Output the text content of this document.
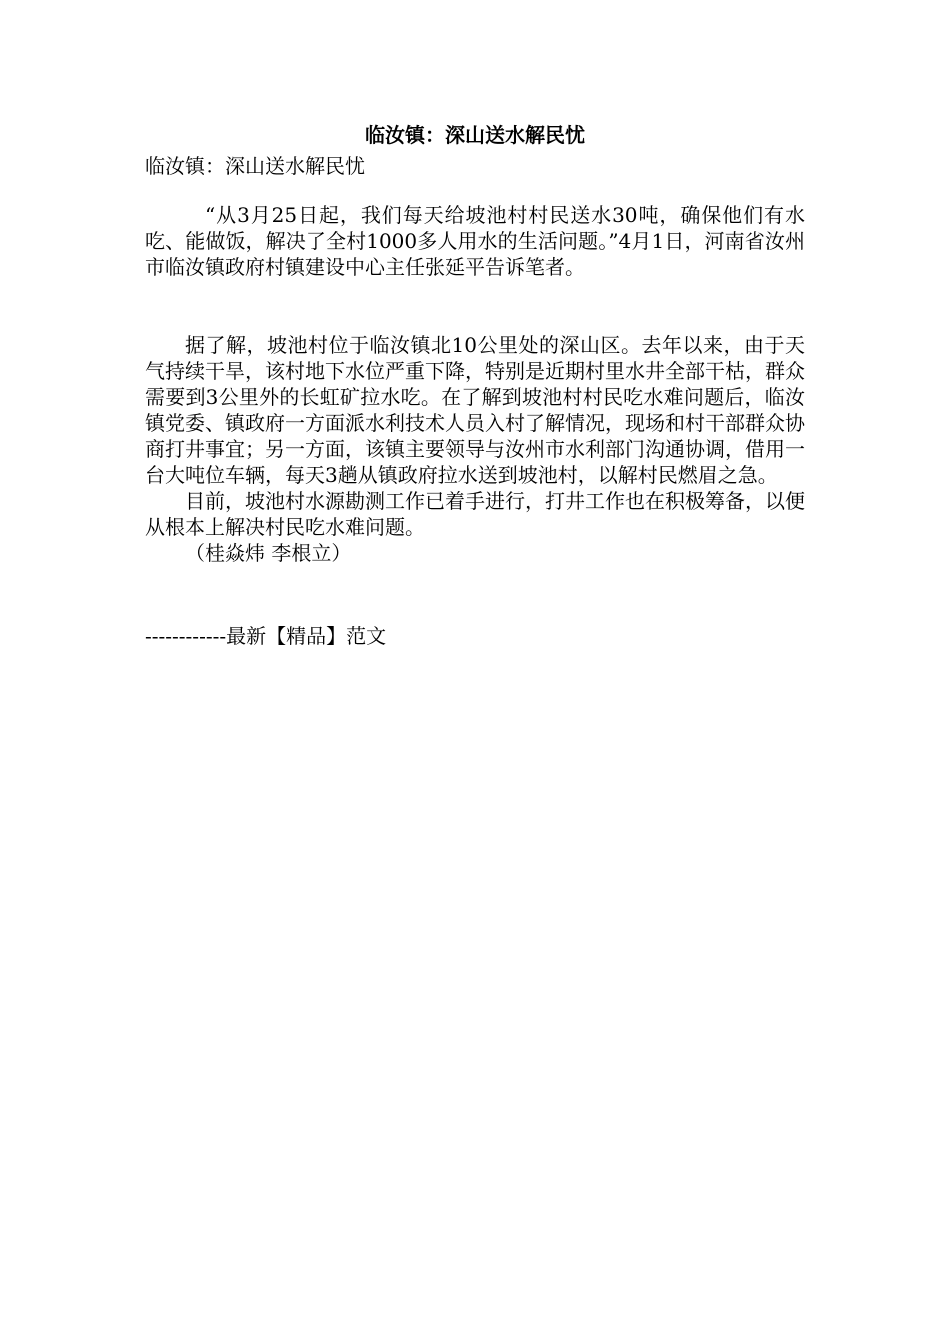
临汝镇：深山送水解民忧

临汝镇：深山送水解民忧

“从3月25日起，我们每天给坡池村村民送水30吨，确保他们有水吃、能做饭，解决了全村1000多人用水的生活问题。”4月1日，河南省汝州市临汝镇政府村镇建设中心主任张延平告诉笔者。

据了解，坡池村位于临汝镇北10公里处的深山区。去年以来，由于天气持续干旱，该村地下水位严重下降，特别是近期村里水井全部干枯，群众需要到3公里外的长虹矿拉水吃。在了解到坡池村村民吃水难问题后，临汝镇党委、镇政府一方面派水利技术人员入村了解情况，现场和村干部群众协商打井事宜；另一方面，该镇主要领导与汝州市水利部门沟通协调，借用一台大吨位车辆，每天3趟从镇政府拉水送到坡池村，以解村民燃眉之急。

目前，坡池村水源勘测工作已着手进行，打井工作也在积极筹备，以便从根本上解决村民吃水难问题。

（桂焱炜 李根立）

------------最新【精品】范文
